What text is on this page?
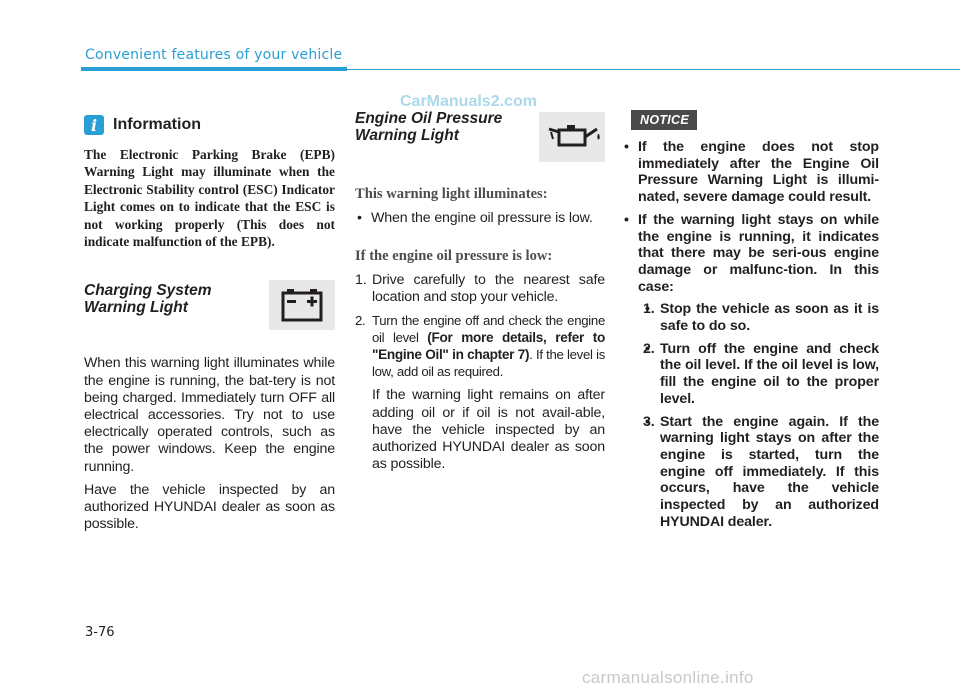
Convenient features of your vehicle
CarManuals2.com
i Information

The Electronic Parking Brake (EPB) Warning Light may illuminate when the Electronic Stability control (ESC) Indicator Light comes on to indicate that the ESC is not working properly (This does not indicate malfunction of the EPB).

Charging System
Warning Light

When this warning light illuminates while the engine is running, the bat-tery is not being charged. Immediately turn OFF all electrical accessories. Try not to use electrically operated controls, such as the power windows. Keep the engine running.

Have the vehicle inspected by an authorized HYUNDAI dealer as soon as possible.

Engine Oil Pressure
Warning Light
This warning light illuminates:
• When the engine oil pressure is low.
If the engine oil pressure is low:
1. Drive carefully to the nearest safe location and stop your vehicle.
2. Turn the engine off and check the engine oil level (For more details, refer to "Engine Oil" in chapter 7). If the level is low, add oil as required.

If the warning light remains on after adding oil or if oil is not avail-able, have the vehicle inspected by an authorized HYUNDAI dealer as soon as possible.

NOTICE
• If the engine does not stop immediately after the Engine Oil Pressure Warning Light is illumi-nated, severe damage could result.
• If the warning light stays on while the engine is running, it indicates that there may be seri-ous engine damage or malfunc-tion. In this case:
• 1. Stop the vehicle as soon as it is safe to do so.
• 2. Turn off the engine and check the oil level. If the oil level is low, fill the engine oil to the proper level.
• 3. Start the engine again. If the warning light stays on after the engine is started, turn the engine off immediately. If this occurs, have the vehicle inspected by an authorized HYUNDAI dealer.
3-76
carmanualsonline.info
